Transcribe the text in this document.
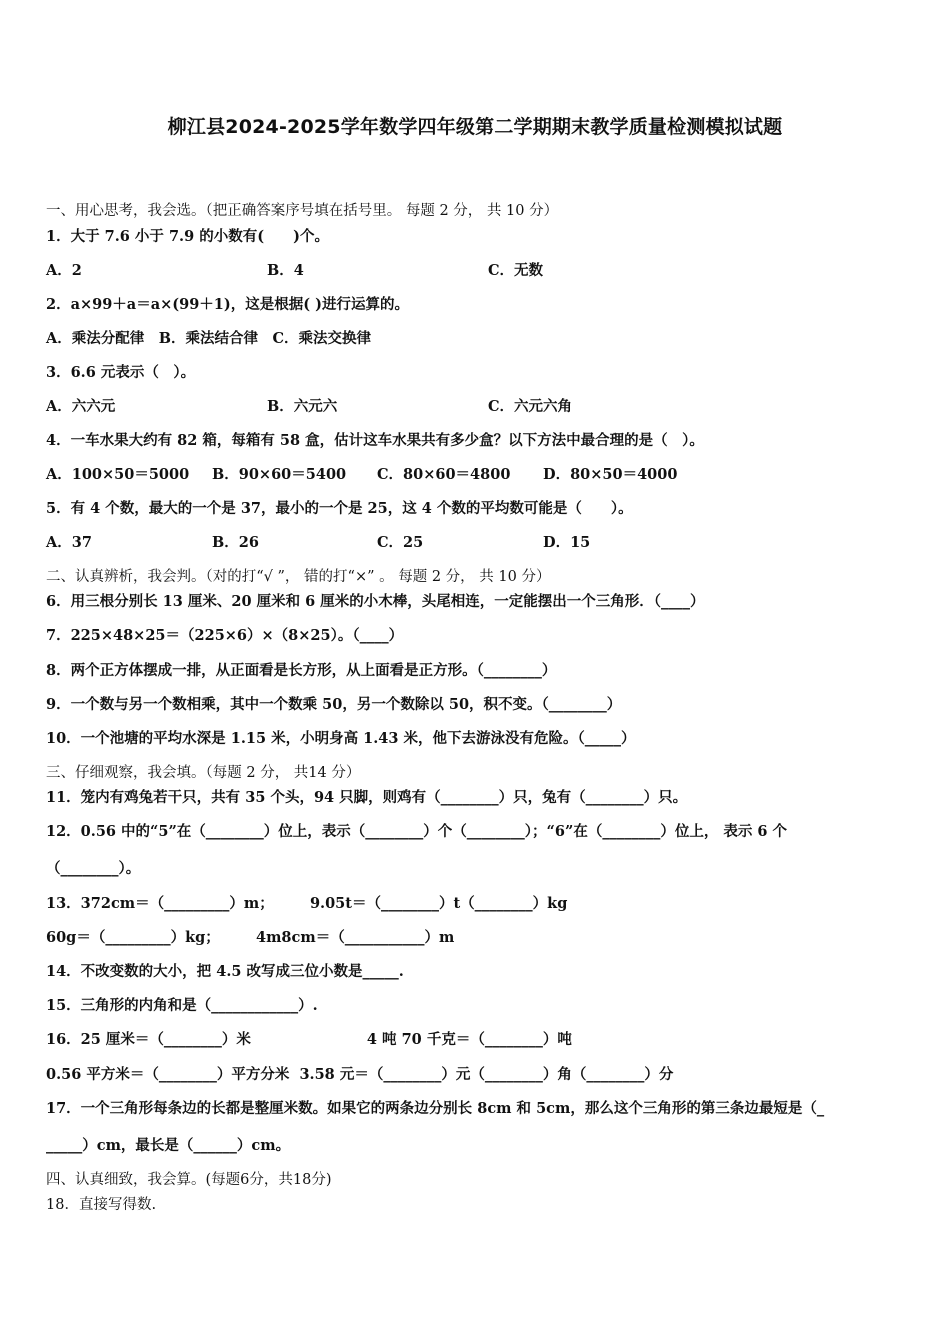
柳江县2024-2025学年数学四年级第二学期期末教学质量检测模拟试题
一、用心思考，我会选。（把正确答案序号填在括号里。 每题 2 分， 共 10 分）
1．大于 7.6 小于 7.9 的小数有(　　)个。
A．2	B．4	C．无数
2．a×99＋a＝a×(99＋1)，这是根据( )进行运算的。
A．乘法分配律　B．乘法结合律　C．乘法交换律
3．6.6 元表示（　）。
A．六六元	B．六元六	C．六元六角
4．一车水果大约有 82 箱，每箱有 58 盒，估计这车水果共有多少盒？以下方法中最合理的是（　）。
A．100×50＝5000 B．90×60＝5400 C．80×60＝4800 D．80×50＝4000
5．有 4 个数，最大的一个是 37，最小的一个是 25，这 4 个数的平均数可能是（　　）。
A．37	B．26	C．25	D．15
二、认真辨析，我会判。（对的打“√ ”， 错的打“×” 。 每题 2 分， 共 10 分）
6．用三根分别长 13 厘米、20 厘米和 6 厘米的小木棒，头尾相连，一定能摆出一个三角形．（____）
7．225×48×25＝（225×6）×（8×25）。（____）
8．两个正方体摆成一排，从正面看是长方形，从上面看是正方形。（________）
9．一个数与另一个数相乘，其中一个数乘 50，另一个数除以 50，积不变。（________）
10．一个池塘的平均水深是 1.15 米，小明身高 1.43 米，他下去游泳没有危险。（_____）
三、仔细观察，我会填。（每题 2 分， 共14 分）
11．笼内有鸡兔若干只，共有 35 个头，94 只脚，则鸡有（________）只，兔有（________）只。
12．0.56 中的“5”在（________）位上，表示（________）个（________）；“6”在（________）位上， 表示 6 个
（________）。
13．372cm＝（_________）m；　　　9.05t＝（________）t（________）kg
60g＝（_________）kg；　　　4m8cm＝（___________）m
14．不改变数的大小，把 4.5 改写成三位小数是_____.
15．三角形的内角和是（____________）.
16．25 厘米＝（________）米　　　　　　　　4 吨 70 千克＝（________）吨
0.56 平方米＝（________）平方分米  3.58 元＝（________）元（________）角（________）分
17．一个三角形每条边的长都是整厘米数。如果它的两条边分别长 8cm 和 5cm，那么这个三角形的第三条边最短是（_
_____）cm，最长是（______）cm。
四、认真细致，我会算。(每题6分，共18分)
18．直接写得数.
